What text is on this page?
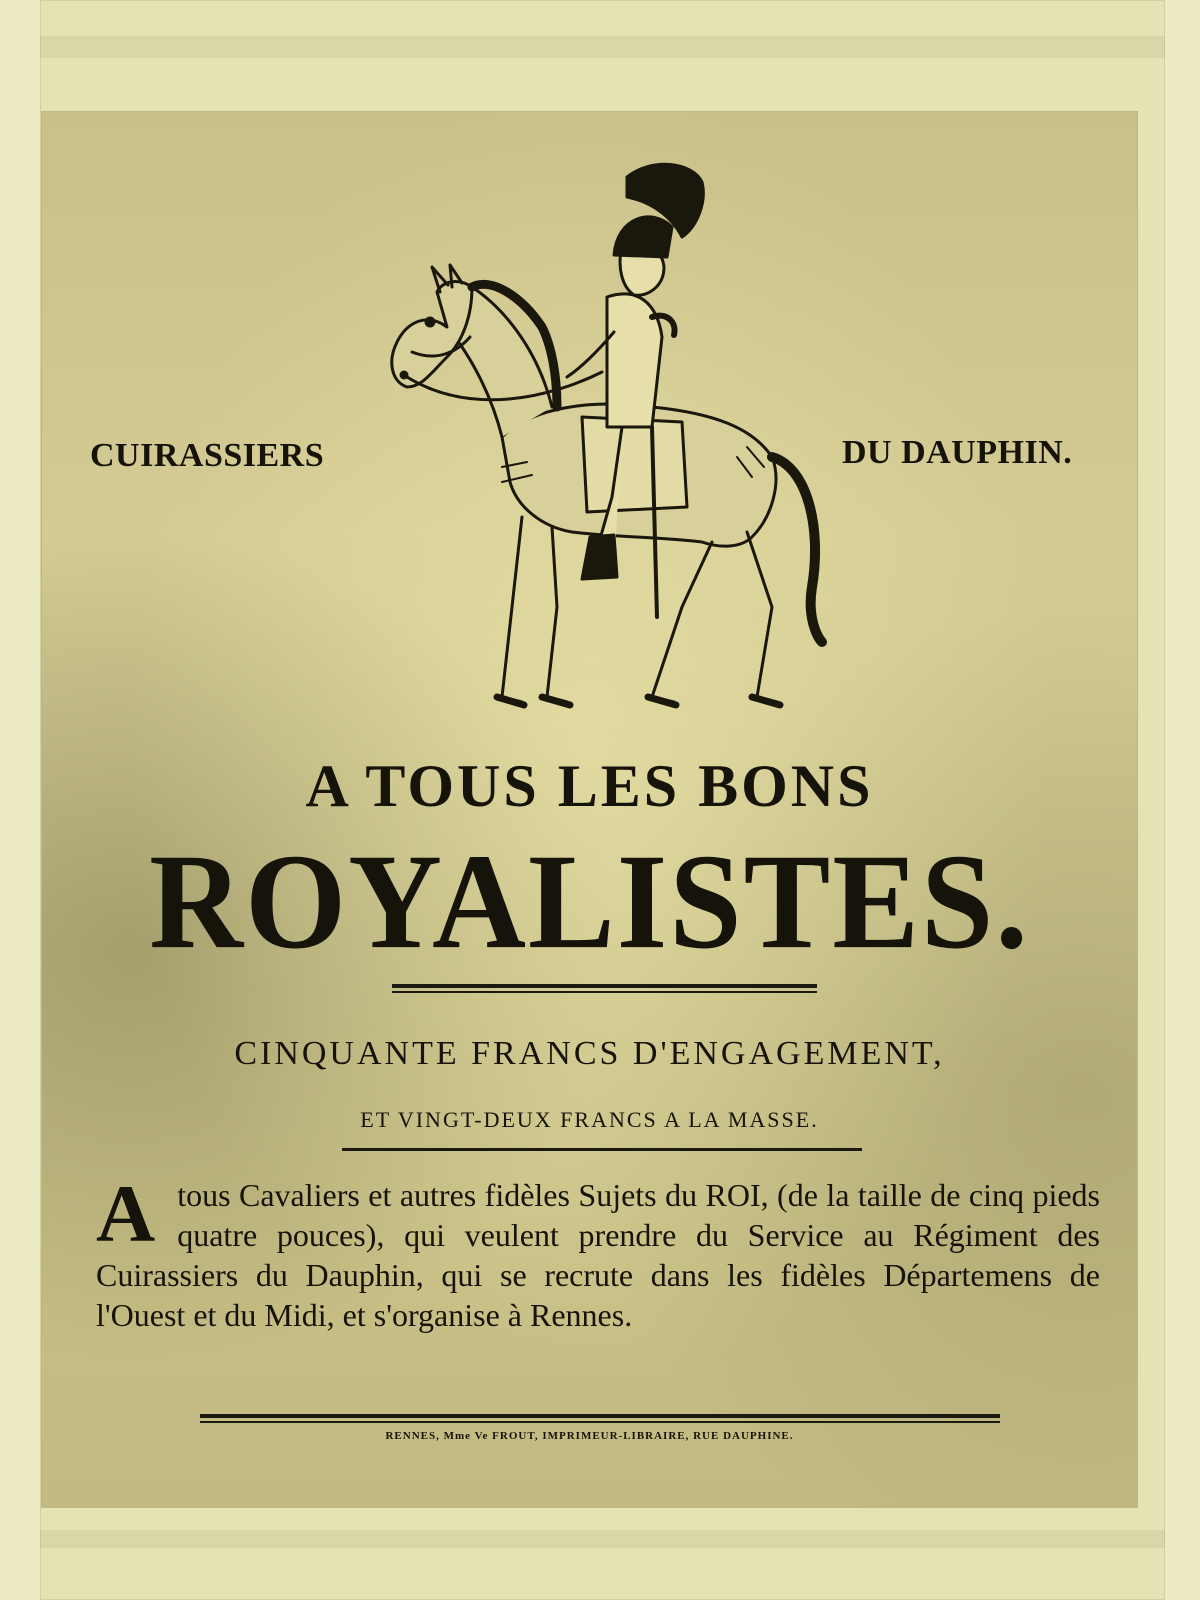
CUIRASSIERS	DU DAUPHIN.
A TOUS LES BONS
ROYALISTES.
CINQUANTE FRANCS D'ENGAGEMENT,
ET VINGT-DEUX FRANCS A LA MASSE.
Atous Cavaliers et autres fidèles Sujets du ROI, (de la taille de cinq pieds quatre pouces), qui veulent prendre du Service au Régiment des Cuirassiers du Dauphin, qui se recrute dans les fidèles Départemens de l'Ouest et du Midi, et s'organise à Rennes.
RENNES, Mme Ve FROUT, IMPRIMEUR-LIBRAIRE, RUE DAUPHINE.
